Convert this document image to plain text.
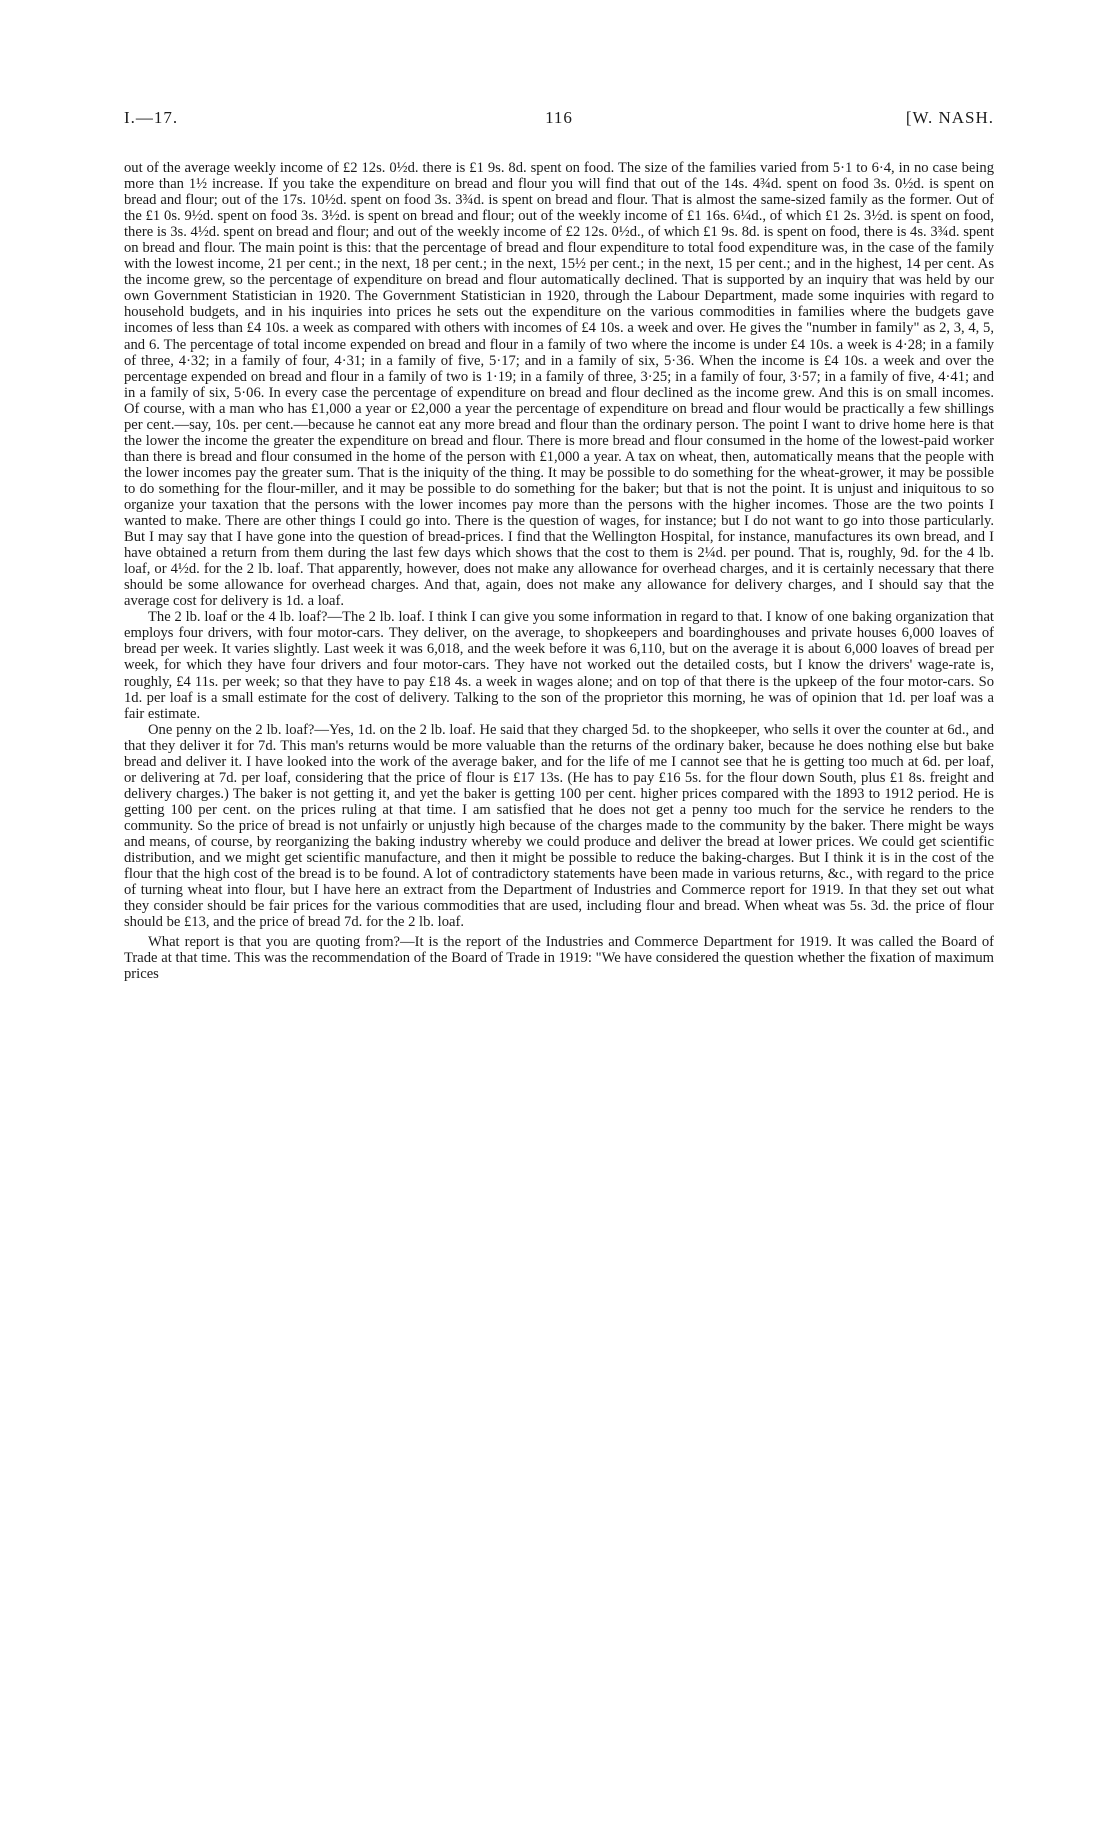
I.—17.	116	[W. NASH.

out of the average weekly income of £2 12s. 0½d. there is £1 9s. 8d. spent on food. The size of the families varied from 5·1 to 6·4, in no case being more than 1½ increase. If you take the expenditure on bread and flour you will find that out of the 14s. 4¾d. spent on food 3s. 0½d. is spent on bread and flour; out of the 17s. 10½d. spent on food 3s. 3¾d. is spent on bread and flour. That is almost the same-sized family as the former. Out of the £1 0s. 9½d. spent on food 3s. 3½d. is spent on bread and flour; out of the weekly income of £1 16s. 6¼d., of which £1 2s. 3½d. is spent on food, there is 3s. 4½d. spent on bread and flour; and out of the weekly income of £2 12s. 0½d., of which £1 9s. 8d. is spent on food, there is 4s. 3¾d. spent on bread and flour. The main point is this: that the percentage of bread and flour expenditure to total food expenditure was, in the case of the family with the lowest income, 21 per cent.; in the next, 18 per cent.; in the next, 15½ per cent.; in the next, 15 per cent.; and in the highest, 14 per cent. As the income grew, so the percentage of expenditure on bread and flour automatically declined. That is supported by an inquiry that was held by our own Government Statistician in 1920. The Government Statistician in 1920, through the Labour Department, made some inquiries with regard to household budgets, and in his inquiries into prices he sets out the expenditure on the various commodities in families where the budgets gave incomes of less than £4 10s. a week as compared with others with incomes of £4 10s. a week and over. He gives the "number in family" as 2, 3, 4, 5, and 6. The percentage of total income expended on bread and flour in a family of two where the income is under £4 10s. a week is 4·28; in a family of three, 4·32; in a family of four, 4·31; in a family of five, 5·17; and in a family of six, 5·36. When the income is £4 10s. a week and over the percentage expended on bread and flour in a family of two is 1·19; in a family of three, 3·25; in a family of four, 3·57; in a family of five, 4·41; and in a family of six, 5·06. In every case the percentage of expenditure on bread and flour declined as the income grew. And this is on small incomes. Of course, with a man who has £1,000 a year or £2,000 a year the percentage of expenditure on bread and flour would be practically a few shillings per cent.—say, 10s. per cent.—because he cannot eat any more bread and flour than the ordinary person. The point I want to drive home here is that the lower the income the greater the expenditure on bread and flour. There is more bread and flour consumed in the home of the lowest-paid worker than there is bread and flour consumed in the home of the person with £1,000 a year. A tax on wheat, then, automatically means that the people with the lower incomes pay the greater sum. That is the iniquity of the thing. It may be possible to do something for the wheat-grower, it may be possible to do something for the flour-miller, and it may be possible to do something for the baker; but that is not the point. It is unjust and iniquitous to so organize your taxation that the persons with the lower incomes pay more than the persons with the higher incomes. Those are the two points I wanted to make. There are other things I could go into. There is the question of wages, for instance; but I do not want to go into those particularly. But I may say that I have gone into the question of bread-prices. I find that the Wellington Hospital, for instance, manufactures its own bread, and I have obtained a return from them during the last few days which shows that the cost to them is 2¼d. per pound. That is, roughly, 9d. for the 4 lb. loaf, or 4½d. for the 2 lb. loaf. That apparently, however, does not make any allowance for overhead charges, and it is certainly necessary that there should be some allowance for overhead charges. And that, again, does not make any allowance for delivery charges, and I should say that the average cost for delivery is 1d. a loaf.

The 2 lb. loaf or the 4 lb. loaf?—The 2 lb. loaf. I think I can give you some information in regard to that. I know of one baking organization that employs four drivers, with four motor-cars. They deliver, on the average, to shopkeepers and boardinghouses and private houses 6,000 loaves of bread per week. It varies slightly. Last week it was 6,018, and the week before it was 6,110, but on the average it is about 6,000 loaves of bread per week, for which they have four drivers and four motor-cars. They have not worked out the detailed costs, but I know the drivers' wage-rate is, roughly, £4 11s. per week; so that they have to pay £18 4s. a week in wages alone; and on top of that there is the upkeep of the four motor-cars. So 1d. per loaf is a small estimate for the cost of delivery. Talking to the son of the proprietor this morning, he was of opinion that 1d. per loaf was a fair estimate.

One penny on the 2 lb. loaf?—Yes, 1d. on the 2 lb. loaf. He said that they charged 5d. to the shopkeeper, who sells it over the counter at 6d., and that they deliver it for 7d. This man's returns would be more valuable than the returns of the ordinary baker, because he does nothing else but bake bread and deliver it. I have looked into the work of the average baker, and for the life of me I cannot see that he is getting too much at 6d. per loaf, or delivering at 7d. per loaf, considering that the price of flour is £17 13s. (He has to pay £16 5s. for the flour down South, plus £1 8s. freight and delivery charges.) The baker is not getting it, and yet the baker is getting 100 per cent. higher prices compared with the 1893 to 1912 period. He is getting 100 per cent. on the prices ruling at that time. I am satisfied that he does not get a penny too much for the service he renders to the community. So the price of bread is not unfairly or unjustly high because of the charges made to the community by the baker. There might be ways and means, of course, by reorganizing the baking industry whereby we could produce and deliver the bread at lower prices. We could get scientific distribution, and we might get scientific manufacture, and then it might be possible to reduce the baking-charges. But I think it is in the cost of the flour that the high cost of the bread is to be found. A lot of contradictory statements have been made in various returns, &c., with regard to the price of turning wheat into flour, but I have here an extract from the Department of Industries and Commerce report for 1919. In that they set out what they consider should be fair prices for the various commodities that are used, including flour and bread. When wheat was 5s. 3d. the price of flour should be £13, and the price of bread 7d. for the 2 lb. loaf.

What report is that you are quoting from?—It is the report of the Industries and Commerce Department for 1919. It was called the Board of Trade at that time. This was the recommendation of the Board of Trade in 1919: "We have considered the question whether the fixation of maximum prices
